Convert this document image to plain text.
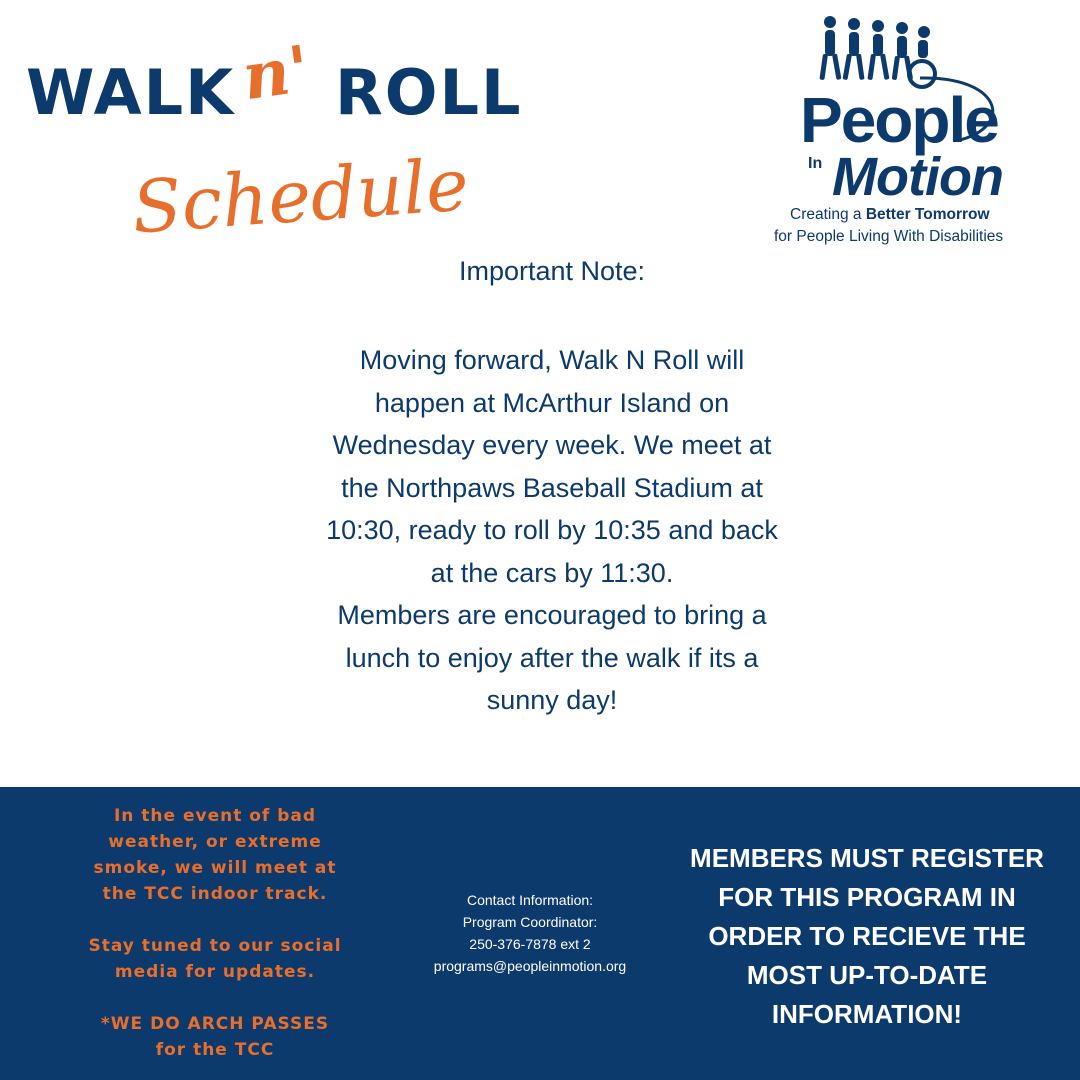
WALK n' ROLL
Schedule
People
In Motion
Creating a Better Tomorrow
for People Living With Disabilities
Important Note:
Moving forward, Walk N Roll will
happen at McArthur Island on
Wednesday every week. We meet at
the Northpaws Baseball Stadium at
10:30, ready to roll by 10:35 and back
at the cars by 11:30.
Members are encouraged to bring a
lunch to enjoy after the walk if its a
sunny day!

In the event of bad

weather, or extreme

smoke, we will meet at

the TCC indoor track.

Stay tuned to our social

media for updates.

*WE DO ARCH PASSES

for the TCC

Contact Information:
Program Coordinator:
250-376-7878 ext 2
programs@peopleinmotion.org
MEMBERS MUST REGISTER
FOR THIS PROGRAM IN
ORDER TO RECIEVE THE
MOST UP-TO-DATE
INFORMATION!
